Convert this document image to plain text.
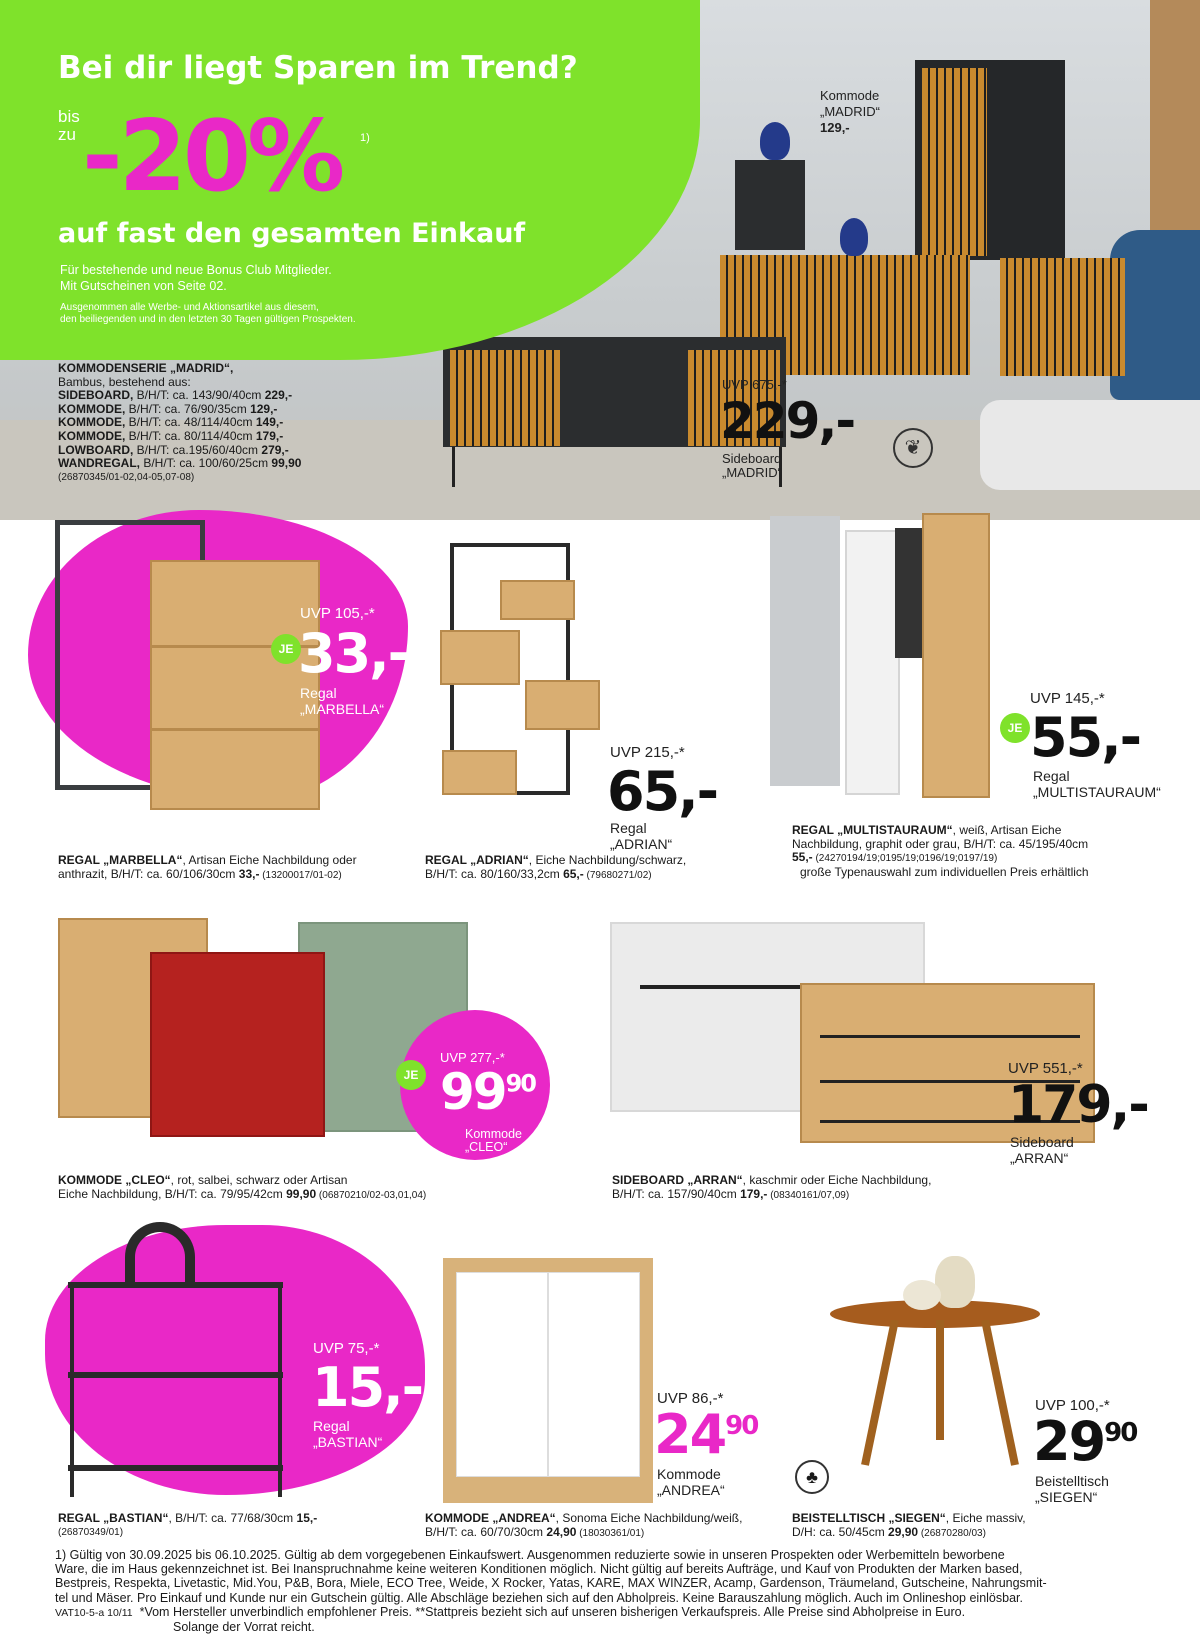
Bei dir liegt Sparen im Trend?
bis
zu -20% 1)
auf fast den gesamten Einkauf
Für bestehende und neue Bonus Club Mitglieder.
Mit Gutscheinen von Seite 02.
Ausgenommen alle Werbe- und Aktionsartikel aus diesem,
den beiliegenden und in den letzten 30 Tagen gültigen Prospekten.
Kommode
„MADRID“
129,-
UVP 675,-*
229,-
Sideboard
„MADRID“
❦
KOMMODENSERIE „MADRID“,
Bambus, bestehend aus:
SIDEBOARD, B/H/T: ca. 143/90/40cm 229,-
KOMMODE, B/H/T: ca. 76/90/35cm 129,-
KOMMODE, B/H/T: ca. 48/114/40cm 149,-
KOMMODE, B/H/T: ca. 80/114/40cm 179,-
LOWBOARD, B/H/T: ca.195/60/40cm 279,-
WANDREGAL, B/H/T: ca. 100/60/25cm 99,90
(26870345/01-02,04-05,07-08)
JE
UVP 105,-*
33,-
Regal
„MARBELLA“
REGAL „MARBELLA“, Artisan Eiche Nachbildung oder
anthrazit, B/H/T: ca. 60/106/30cm 33,- (13200017/01-02)
UVP 215,-*
65,-
Regal
„ADRIAN“
REGAL „ADRIAN“, Eiche Nachbildung/schwarz,
B/H/T: ca. 80/160/33,2cm 65,- (79680271/02)
JE
UVP 145,-*
55,-
Regal
„MULTISTAURAUM“
REGAL „MULTISTAURAUM“, weiß, Artisan Eiche
Nachbildung, graphit oder grau, B/H/T: ca. 45/195/40cm
55,- (24270194/19;0195/19;0196/19;0197/19)
große Typenauswahl zum individuellen Preis erhältlich
JE
UVP 277,-*
$99^{90}$
Kommode
„CLEO“
KOMMODE „CLEO“, rot, salbei, schwarz oder Artisan
Eiche Nachbildung, B/H/T: ca. 79/95/42cm 99,90 (06870210/02-03,01,04)
UVP 551,-*
179,-
Sideboard
„ARRAN“
SIDEBOARD „ARRAN“, kaschmir oder Eiche Nachbildung,
B/H/T: ca. 157/90/40cm 179,- (08340161/07,09)
UVP 75,-*
15,-
Regal
„BASTIAN“
REGAL „BASTIAN“, B/H/T: ca. 77/68/30cm 15,-
(26870349/01)
UVP 86,-*
$24^{90}$
Kommode
„ANDREA“
KOMMODE „ANDREA“, Sonoma Eiche Nachbildung/weiß,
B/H/T: ca. 60/70/30cm 24,90 (18030361/01)
♣
UVP 100,-*
$29^{90}$
Beistelltisch
„SIEGEN“
BEISTELLTISCH „SIEGEN“, Eiche massiv,
D/H: ca. 50/45cm 29,90 (26870280/03)
1) Gültig von 30.09.2025 bis 06.10.2025. Gültig ab dem vorgegebenen Einkaufswert. Ausgenommen reduzierte sowie in unseren Prospekten oder Werbemitteln beworbene
Ware, die im Haus gekennzeichnet ist. Bei Inanspruchnahme keine weiteren Konditionen möglich. Nicht gültig auf bereits Aufträge, und Kauf von Produkten der Marken based,
Bestpreis, Respekta, Livetastic, Mid.You, P&B, Bora, Miele, ECO Tree, Weide, X Rocker, Yatas, KARE, MAX WINZER, Acamp, Gardenson, Träumeland, Gutscheine, Nahrungsmit-
tel und Mäser. Pro Einkauf und Kunde nur ein Gutschein gültig. Alle Abschläge beziehen sich auf den Abholpreis. Keine Barauszahlung möglich. Auch im Onlineshop einlösbar.
VAT10-5-a 10/11 *Vom Hersteller unverbindlich empfohlener Preis. **Stattpreis bezieht sich auf unseren bisherigen Verkaufspreis. Alle Preise sind Abholpreise in Euro.
Solange der Vorrat reicht.
